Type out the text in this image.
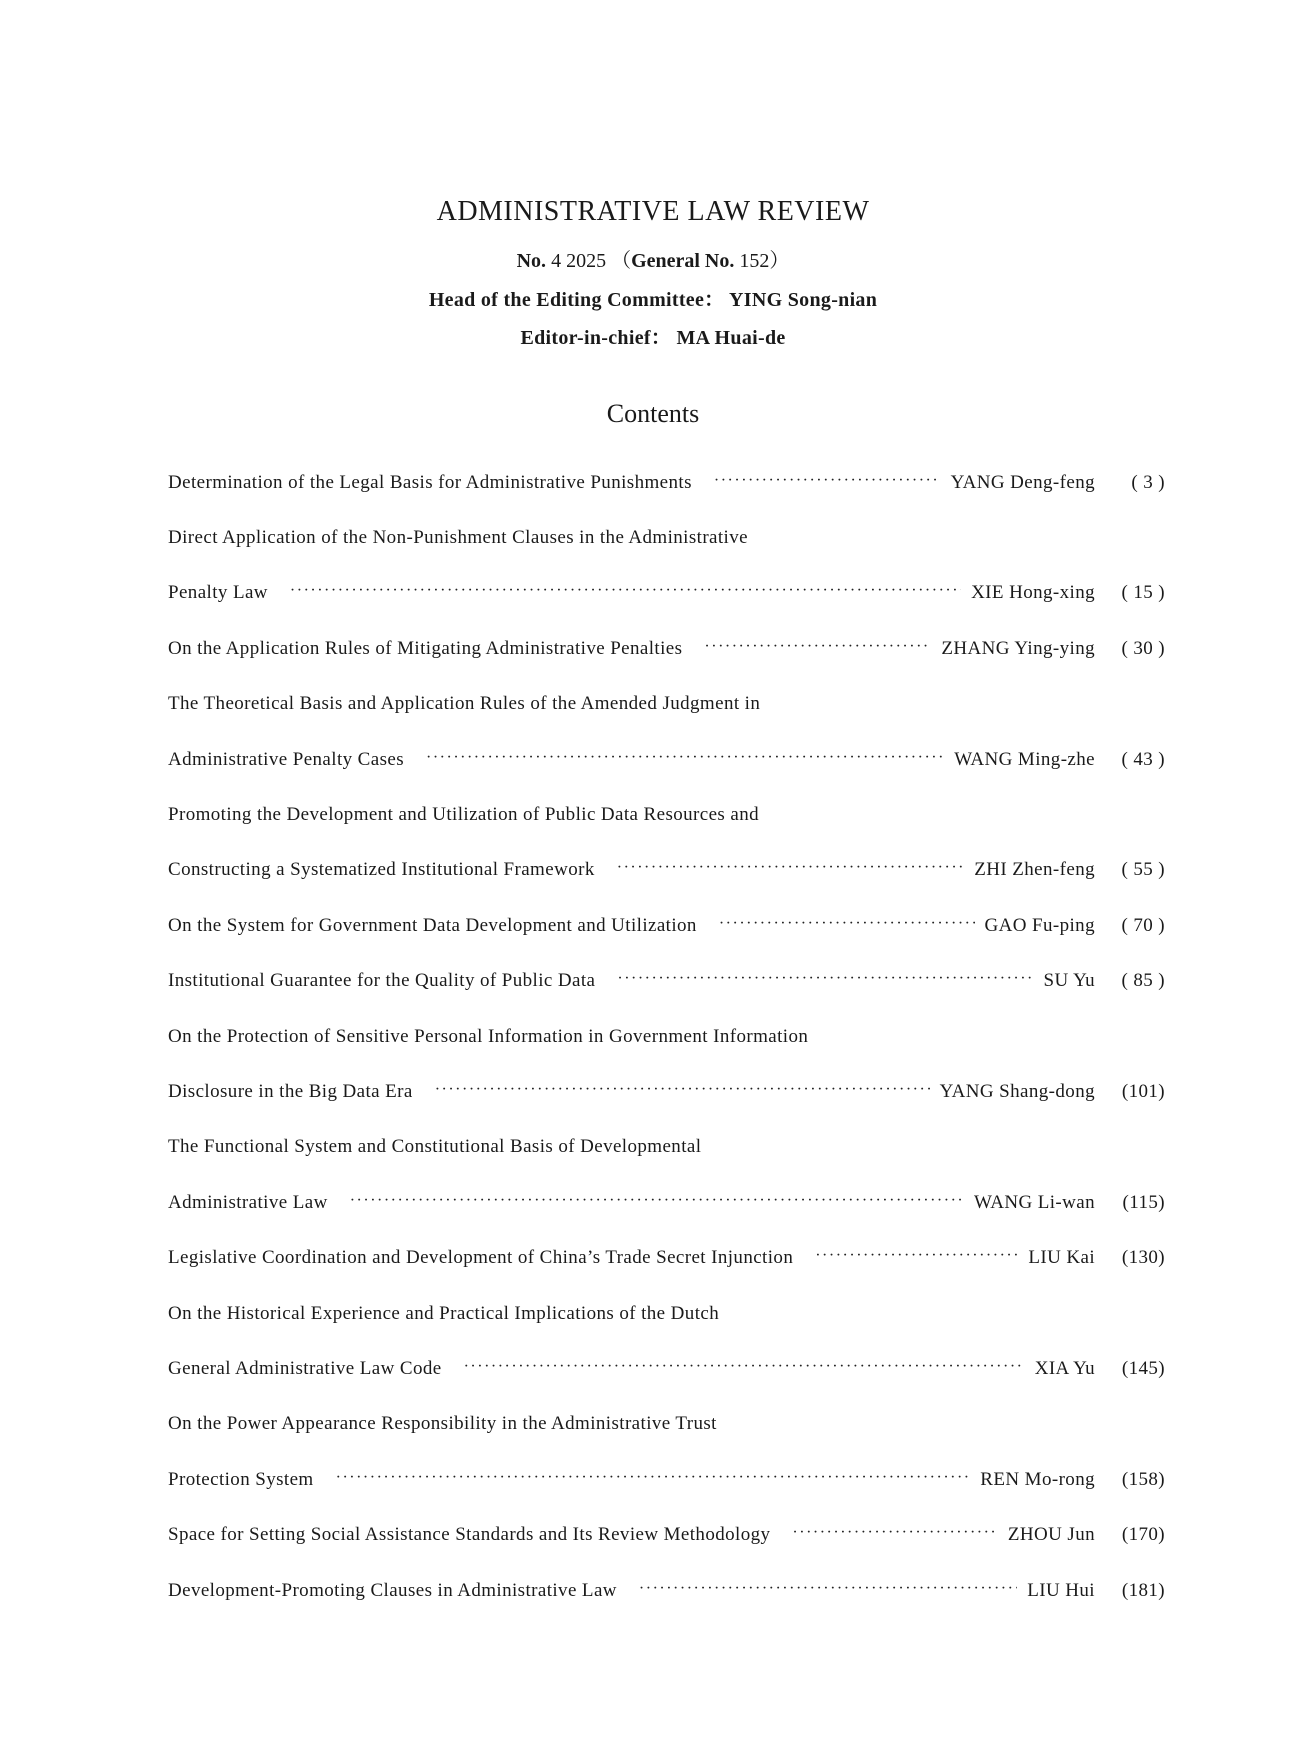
ADMINISTRATIVE LAW REVIEW
No. 4 2025 （General No. 152）
Head of the Editing Committee： YING Song-nian
Editor-in-chief： MA Huai-de
Contents
Determination of the Legal Basis for Administrative Punishments ·····	YANG Deng-feng	( 3 )
Direct Application of the Non-Punishment Clauses in the Administrative
Penalty Law ·····	XIE Hong-xing	( 15 )
On the Application Rules of Mitigating Administrative Penalties ·····	ZHANG Ying-ying	( 30 )
The Theoretical Basis and Application Rules of the Amended Judgment in
Administrative Penalty Cases ·····	WANG Ming-zhe	( 43 )
Promoting the Development and Utilization of Public Data Resources and
Constructing a Systematized Institutional Framework ·····	ZHI Zhen-feng	( 55 )
On the System for Government Data Development and Utilization ·····	GAO Fu-ping	( 70 )
Institutional Guarantee for the Quality of Public Data ·····	SU Yu	( 85 )
On the Protection of Sensitive Personal Information in Government Information
Disclosure in the Big Data Era ·····	YANG Shang-dong	(101)
The Functional System and Constitutional Basis of Developmental
Administrative Law ·····	WANG Li-wan	(115)
Legislative Coordination and Development of China’s Trade Secret Injunction ·····	LIU Kai	(130)
On the Historical Experience and Practical Implications of the Dutch
General Administrative Law Code ·····	XIA Yu	(145)
On the Power Appearance Responsibility in the Administrative Trust
Protection System ·····	REN Mo-rong	(158)
Space for Setting Social Assistance Standards and Its Review Methodology ·····	ZHOU Jun	(170)
Development-Promoting Clauses in Administrative Law ·····	LIU Hui	(181)
